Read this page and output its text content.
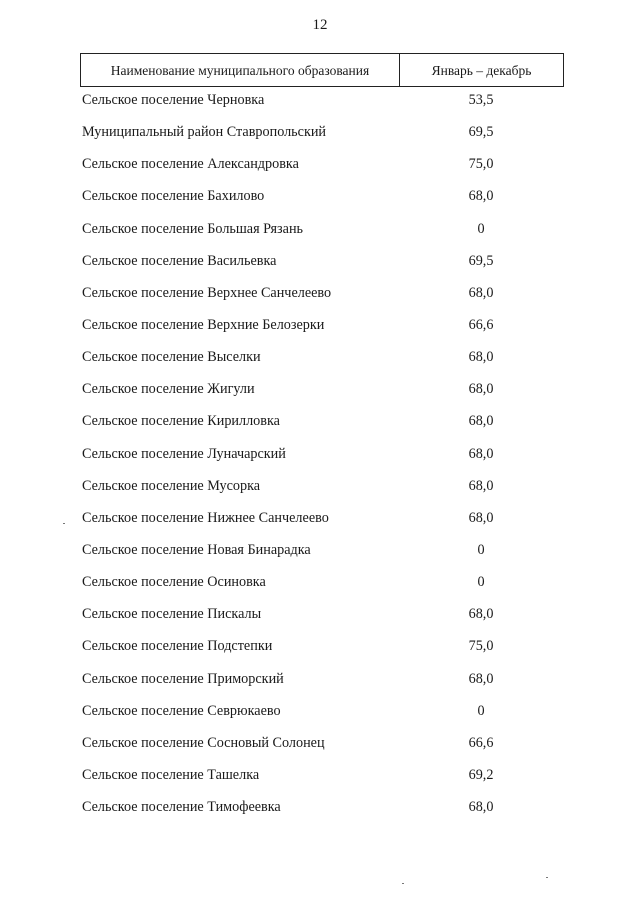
12
Наименование муниципального образования	Январь – декабрь
Сельское поселение Черновка	53,5
Муниципальный район Ставропольский	69,5
Сельское поселение Александровка	75,0
Сельское поселение Бахилово	68,0
Сельское поселение Большая Рязань	0
Сельское поселение Васильевка	69,5
Сельское поселение Верхнее Санчелеево	68,0
Сельское поселение Верхние Белозерки	66,6
Сельское поселение Выселки	68,0
Сельское поселение Жигули	68,0
Сельское поселение Кирилловка	68,0
Сельское поселение Луначарский	68,0
Сельское поселение Мусорка	68,0
Сельское поселение Нижнее Санчелеево	68,0
Сельское поселение Новая Бинарадка	0
Сельское поселение Осиновка	0
Сельское поселение Пискалы	68,0
Сельское поселение Подстепки	75,0
Сельское поселение Приморский	68,0
Сельское поселение Севрюкаево	0
Сельское поселение Сосновый Солонец	66,6
Сельское поселение Ташелка	69,2
Сельское поселение Тимофеевка	68,0
